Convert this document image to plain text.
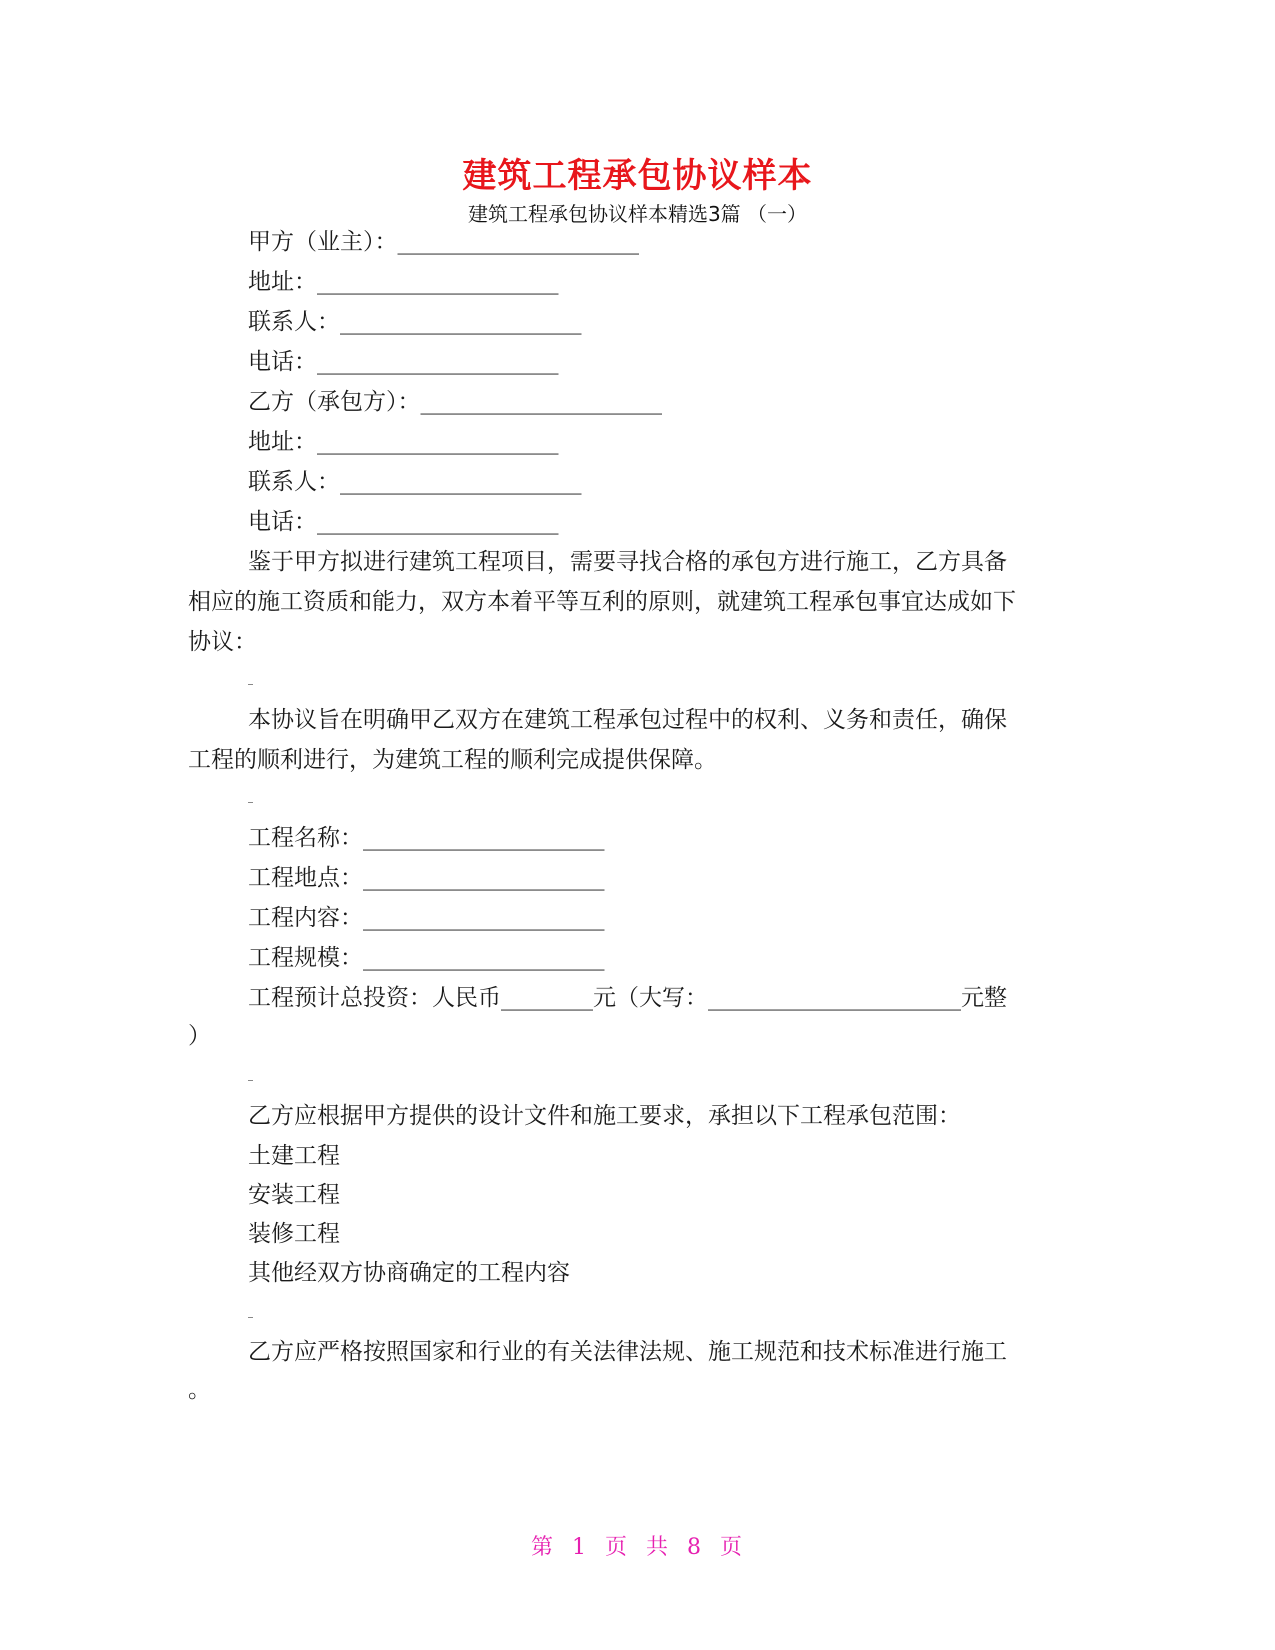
建筑工程承包协议样本
建筑工程承包协议样本精选3篇 （一）
甲方（业主）：_____________________
地址：_____________________
联系人：_____________________
电话：_____________________
乙方（承包方）：_____________________
地址：_____________________
联系人：_____________________
电话：_____________________
鉴于甲方拟进行建筑工程项目，需要寻找合格的承包方进行施工，乙方具备
相应的施工资质和能力，双方本着平等互利的原则，就建筑工程承包事宜达成如下
协议：
本协议旨在明确甲乙双方在建筑工程承包过程中的权利、义务和责任，确保
工程的顺利进行，为建筑工程的顺利完成提供保障。
工程名称：_____________________
工程地点：_____________________
工程内容：_____________________
工程规模：_____________________
工程预计总投资：人民币________元（大写：______________________元整
）
乙方应根据甲方提供的设计文件和施工要求，承担以下工程承包范围：
土建工程
安装工程
装修工程
其他经双方协商确定的工程内容
乙方应严格按照国家和行业的有关法律法规、施工规范和技术标准进行施工
。
第 1 页 共 8 页
